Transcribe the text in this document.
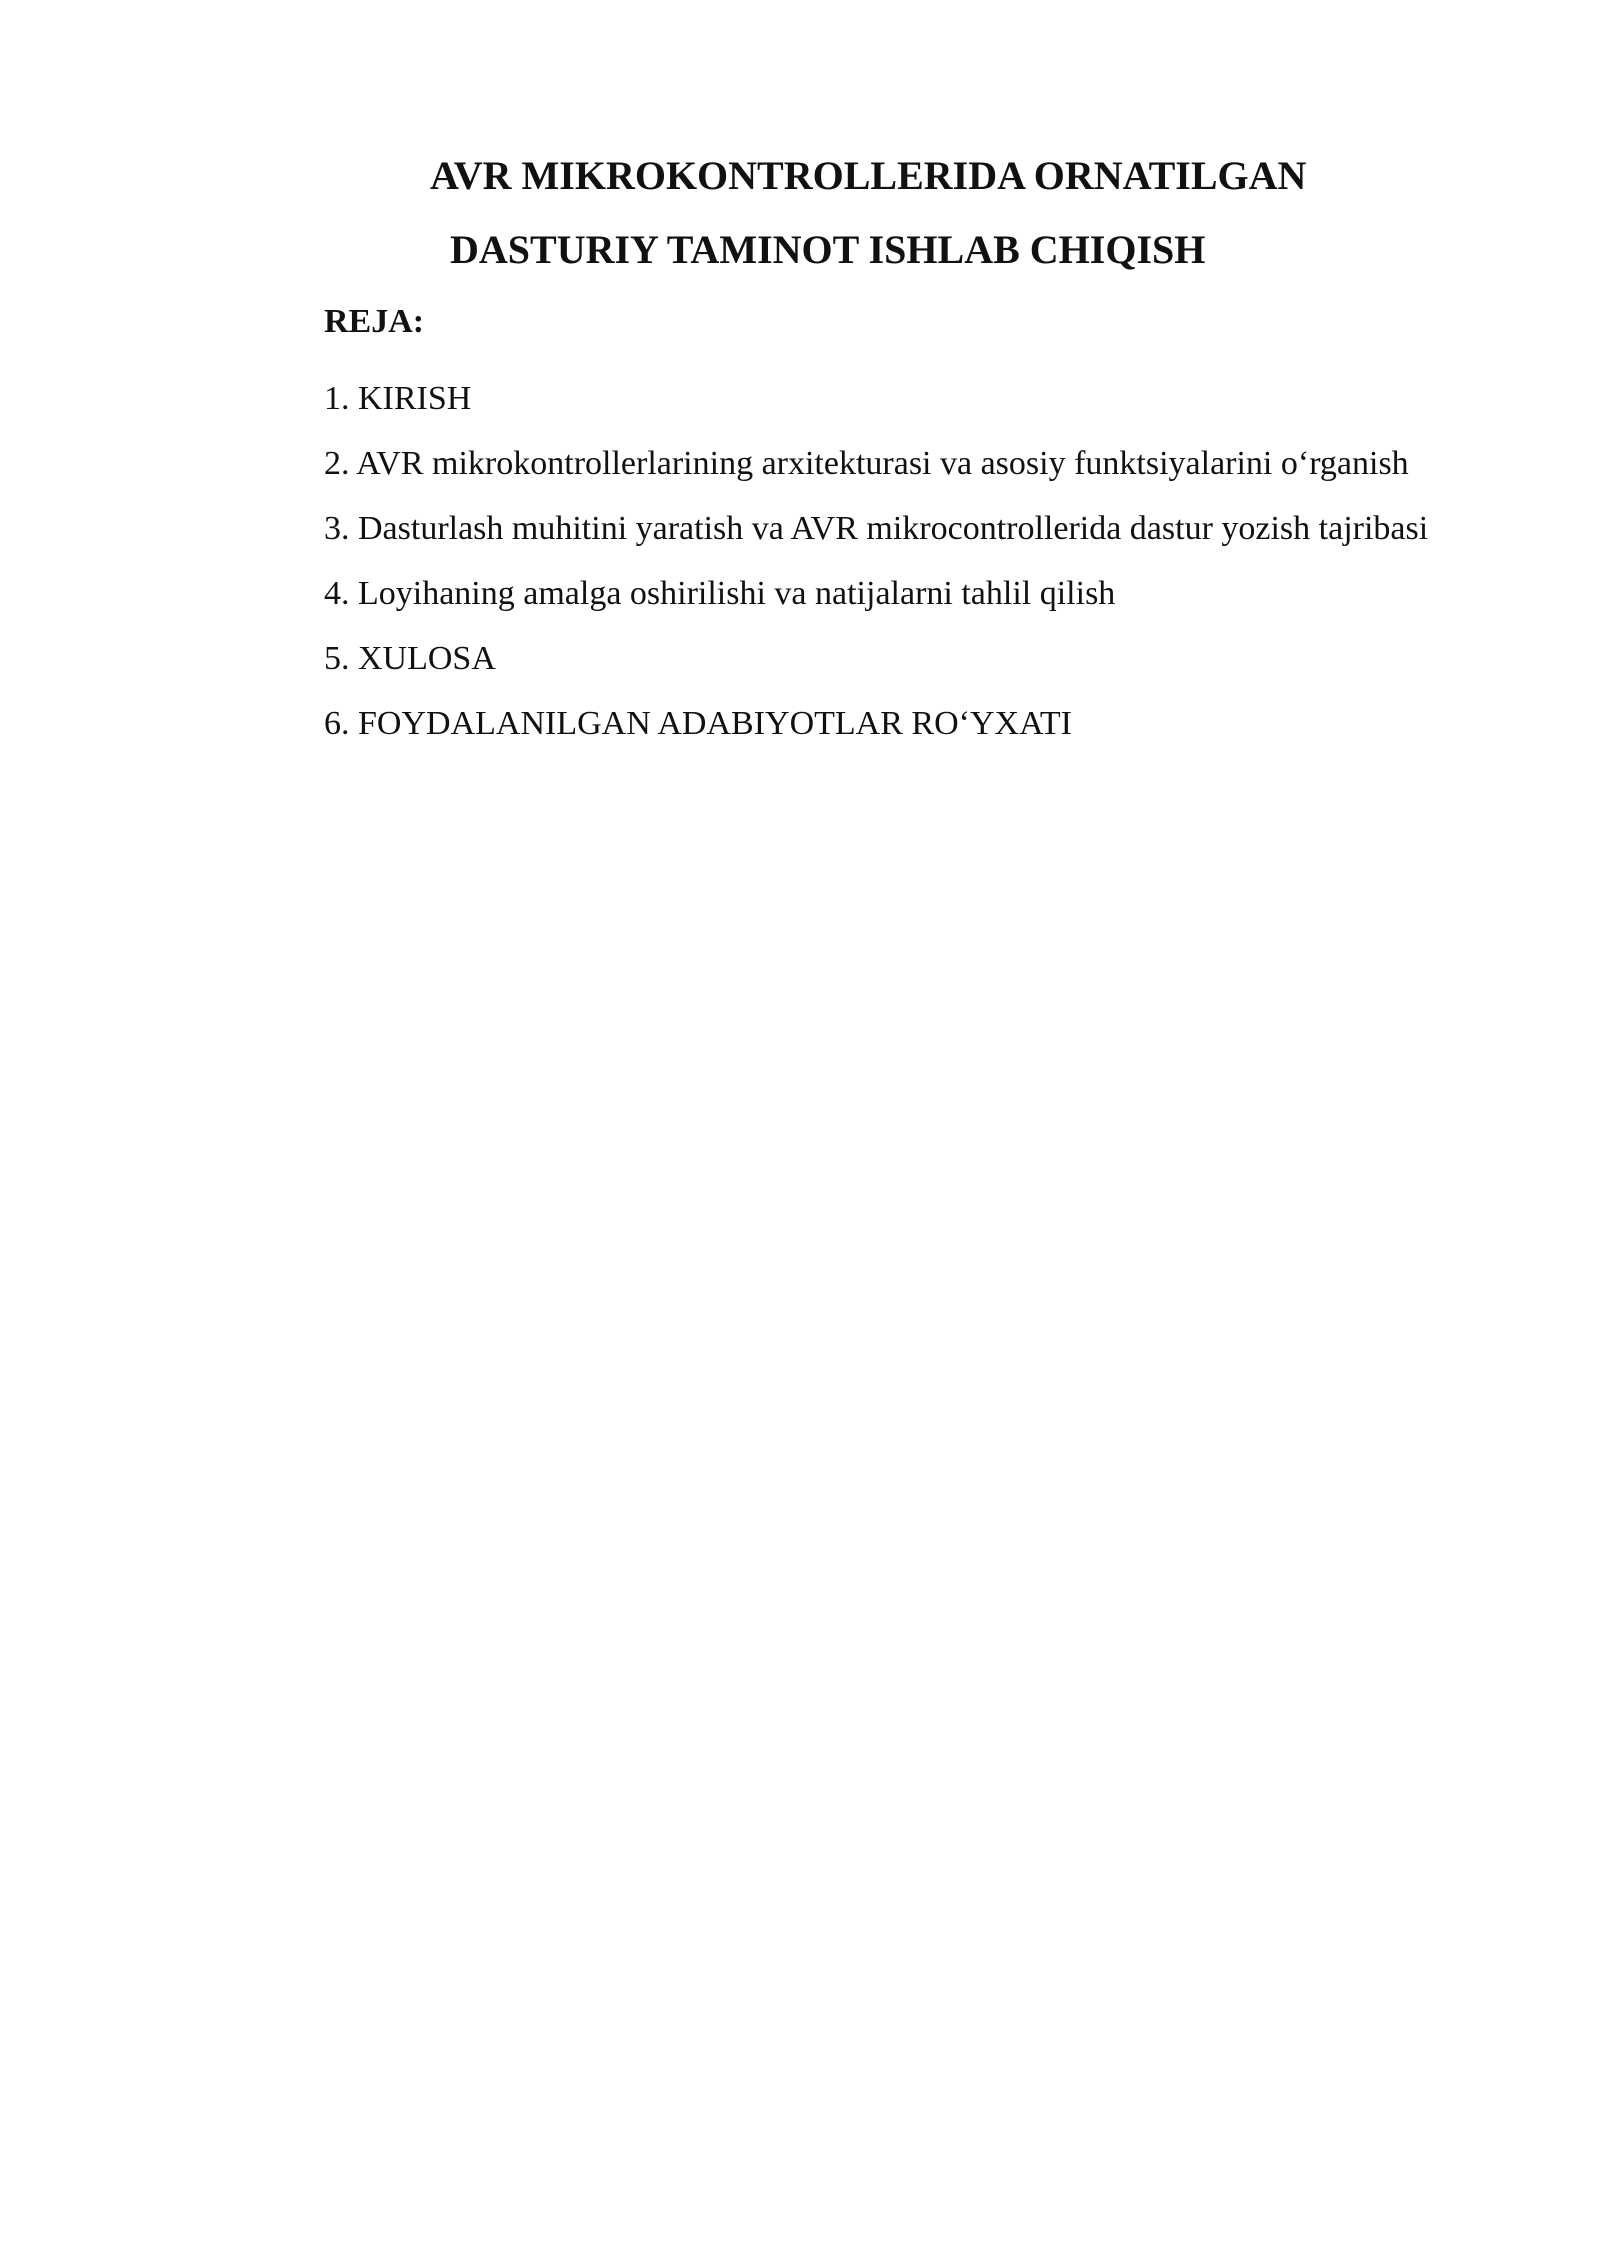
AVR MIKROKONTROLLERIDA ORNATILGAN
DASTURIY TAMINOT ISHLAB CHIQISH
REJA:
1. KIRISH
2. AVR mikrokontrollerlarining arxitekturasi va asosiy funktsiyalarini o‘rganish
3. Dasturlash muhitini yaratish va AVR mikrocontrollerida dastur yozish tajribasi
4. Loyihaning amalga oshirilishi va natijalarni tahlil qilish
5. XULOSA
6. FOYDALANILGAN ADABIYOTLAR RO‘YXATI
